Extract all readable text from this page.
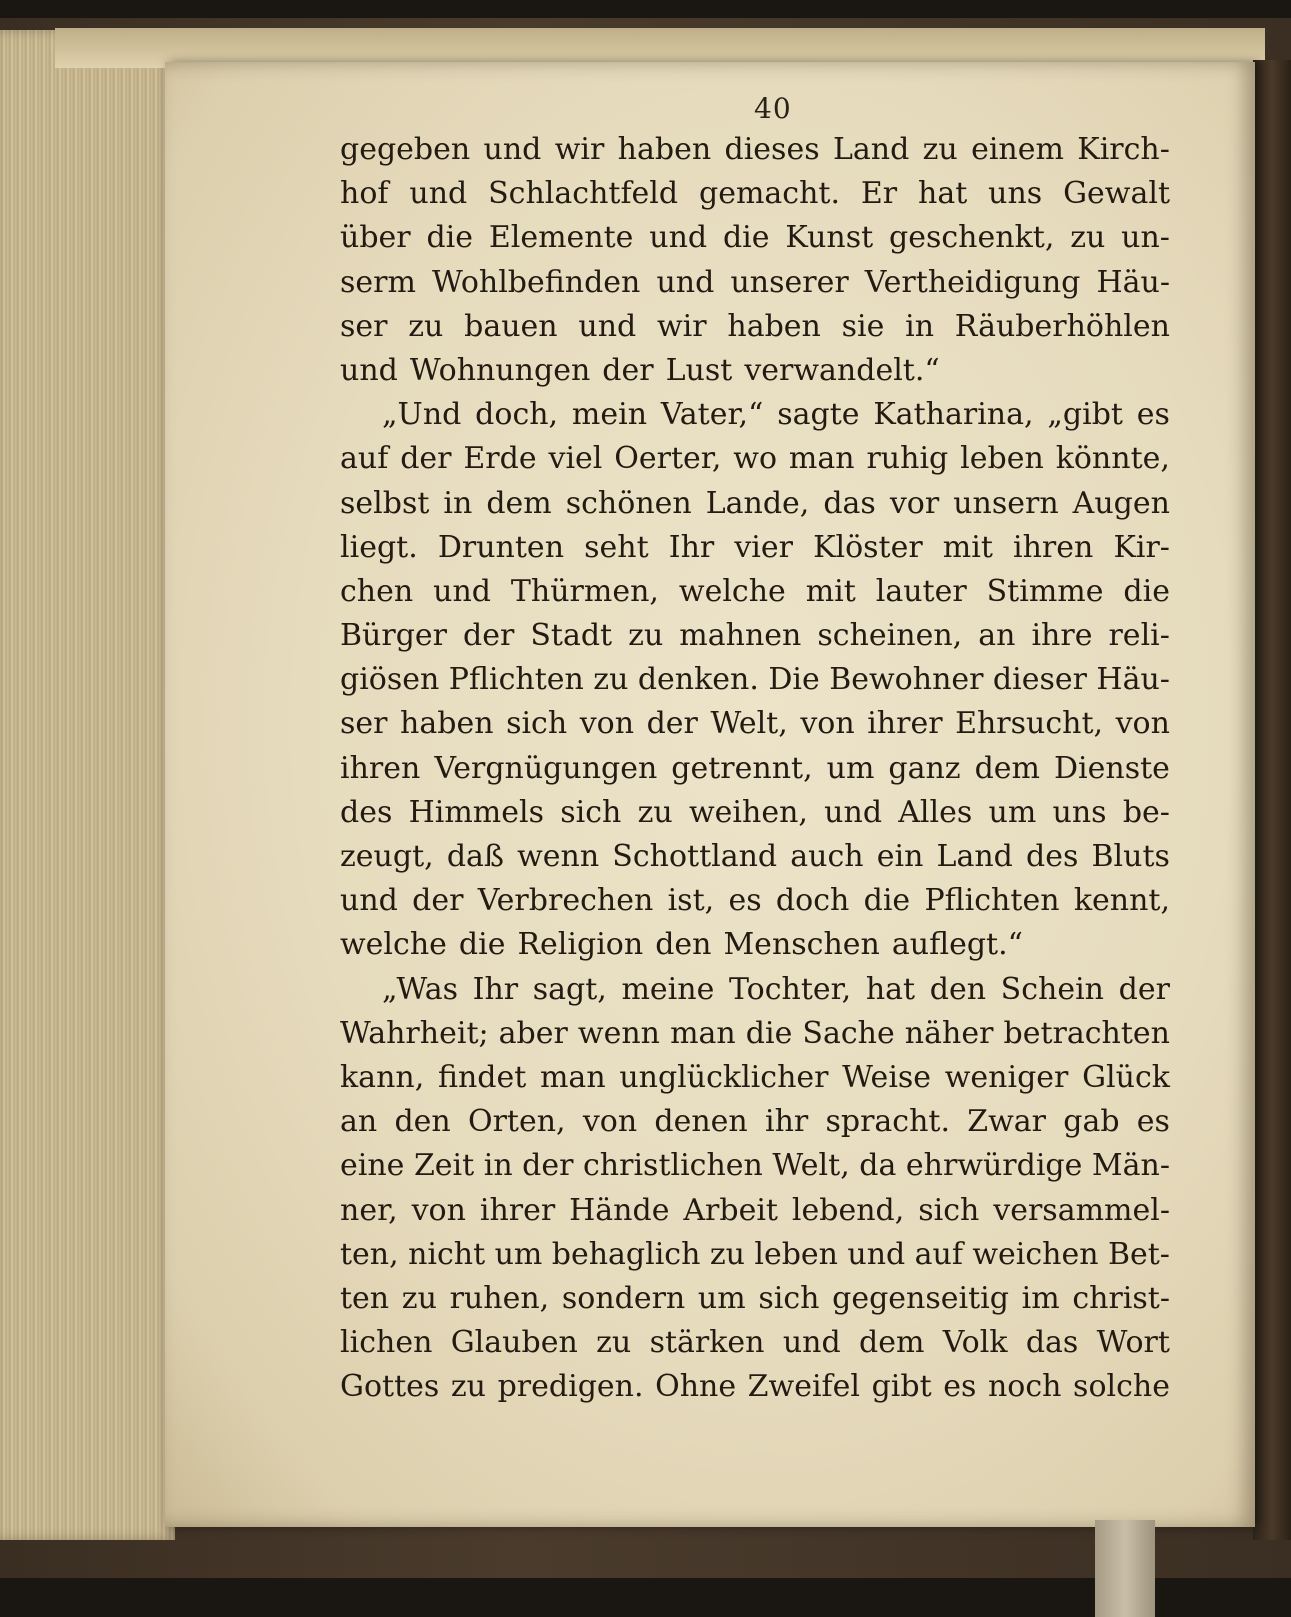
40
gegeben und wir haben dieses Land zu einem Kirch-
hof und Schlachtfeld gemacht. Er hat uns Gewalt
über die Elemente und die Kunst geschenkt, zu un-
serm Wohlbefinden und unserer Vertheidigung Häu-
ser zu bauen und wir haben sie in Räuberhöhlen
und Wohnungen der Lust verwandelt.“
„Und doch, mein Vater,“ sagte Katharina, „gibt es
auf der Erde viel Oerter, wo man ruhig leben könnte,
selbst in dem schönen Lande, das vor unsern Augen
liegt. Drunten seht Ihr vier Klöster mit ihren Kir-
chen und Thürmen, welche mit lauter Stimme die
Bürger der Stadt zu mahnen scheinen, an ihre reli-
giösen Pflichten zu denken. Die Bewohner dieser Häu-
ser haben sich von der Welt, von ihrer Ehrsucht, von
ihren Vergnügungen getrennt, um ganz dem Dienste
des Himmels sich zu weihen, und Alles um uns be-
zeugt, daß wenn Schottland auch ein Land des Bluts
und der Verbrechen ist, es doch die Pflichten kennt,
welche die Religion den Menschen auflegt.“
„Was Ihr sagt, meine Tochter, hat den Schein der
Wahrheit; aber wenn man die Sache näher betrachten
kann, findet man unglücklicher Weise weniger Glück
an den Orten, von denen ihr spracht. Zwar gab es
eine Zeit in der christlichen Welt, da ehrwürdige Män-
ner, von ihrer Hände Arbeit lebend, sich versammel-
ten, nicht um behaglich zu leben und auf weichen Bet-
ten zu ruhen, sondern um sich gegenseitig im christ-
lichen Glauben zu stärken und dem Volk das Wort
Gottes zu predigen. Ohne Zweifel gibt es noch solche
